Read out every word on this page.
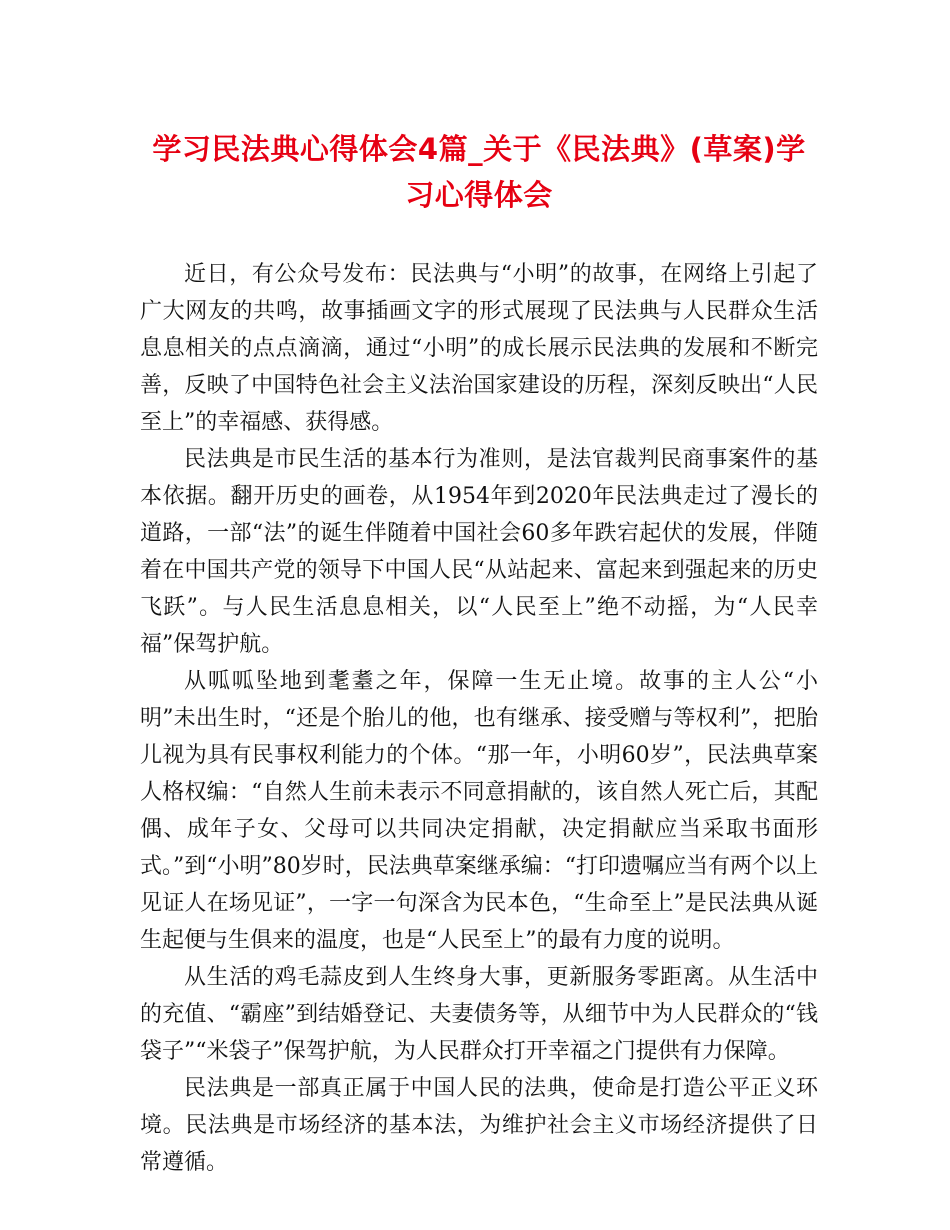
学习民法典心得体会4篇_关于《民法典》(草案)学习心得体会

近日，有公众号发布：民法典与“小明”的故事，在网络上引起了广大网友的共鸣，故事插画文字的形式展现了民法典与人民群众生活息息相关的点点滴滴，通过“小明”的成长展示民法典的发展和不断完善，反映了中国特色社会主义法治国家建设的历程，深刻反映出“人民至上”的幸福感、获得感。

民法典是市民生活的基本行为准则，是法官裁判民商事案件的基本依据。翻开历史的画卷，从1954年到2020年民法典走过了漫长的道路，一部“法”的诞生伴随着中国社会60多年跌宕起伏的发展，伴随着在中国共产党的领导下中国人民“从站起来、富起来到强起来的历史飞跃”。与人民生活息息相关，以“人民至上”绝不动摇，为“人民幸福”保驾护航。

从呱呱坠地到耄耋之年，保障一生无止境。故事的主人公“小明”未出生时，“还是个胎儿的他，也有继承、接受赠与等权利”，把胎儿视为具有民事权利能力的个体。“那一年，小明60岁”，民法典草案人格权编：“自然人生前未表示不同意捐献的，该自然人死亡后，其配偶、成年子女、父母可以共同决定捐献，决定捐献应当采取书面形式。”到“小明”80岁时，民法典草案继承编：“打印遗嘱应当有两个以上见证人在场见证”，一字一句深含为民本色，“生命至上”是民法典从诞生起便与生俱来的温度，也是“人民至上”的最有力度的说明。

从生活的鸡毛蒜皮到人生终身大事，更新服务零距离。从生活中的充值、“霸座”到结婚登记、夫妻债务等，从细节中为人民群众的“钱袋子”“米袋子”保驾护航，为人民群众打开幸福之门提供有力保障。

民法典是一部真正属于中国人民的法典，使命是打造公平正义环境。民法典是市场经济的基本法，为维护社会主义市场经济提供了日常遵循。
